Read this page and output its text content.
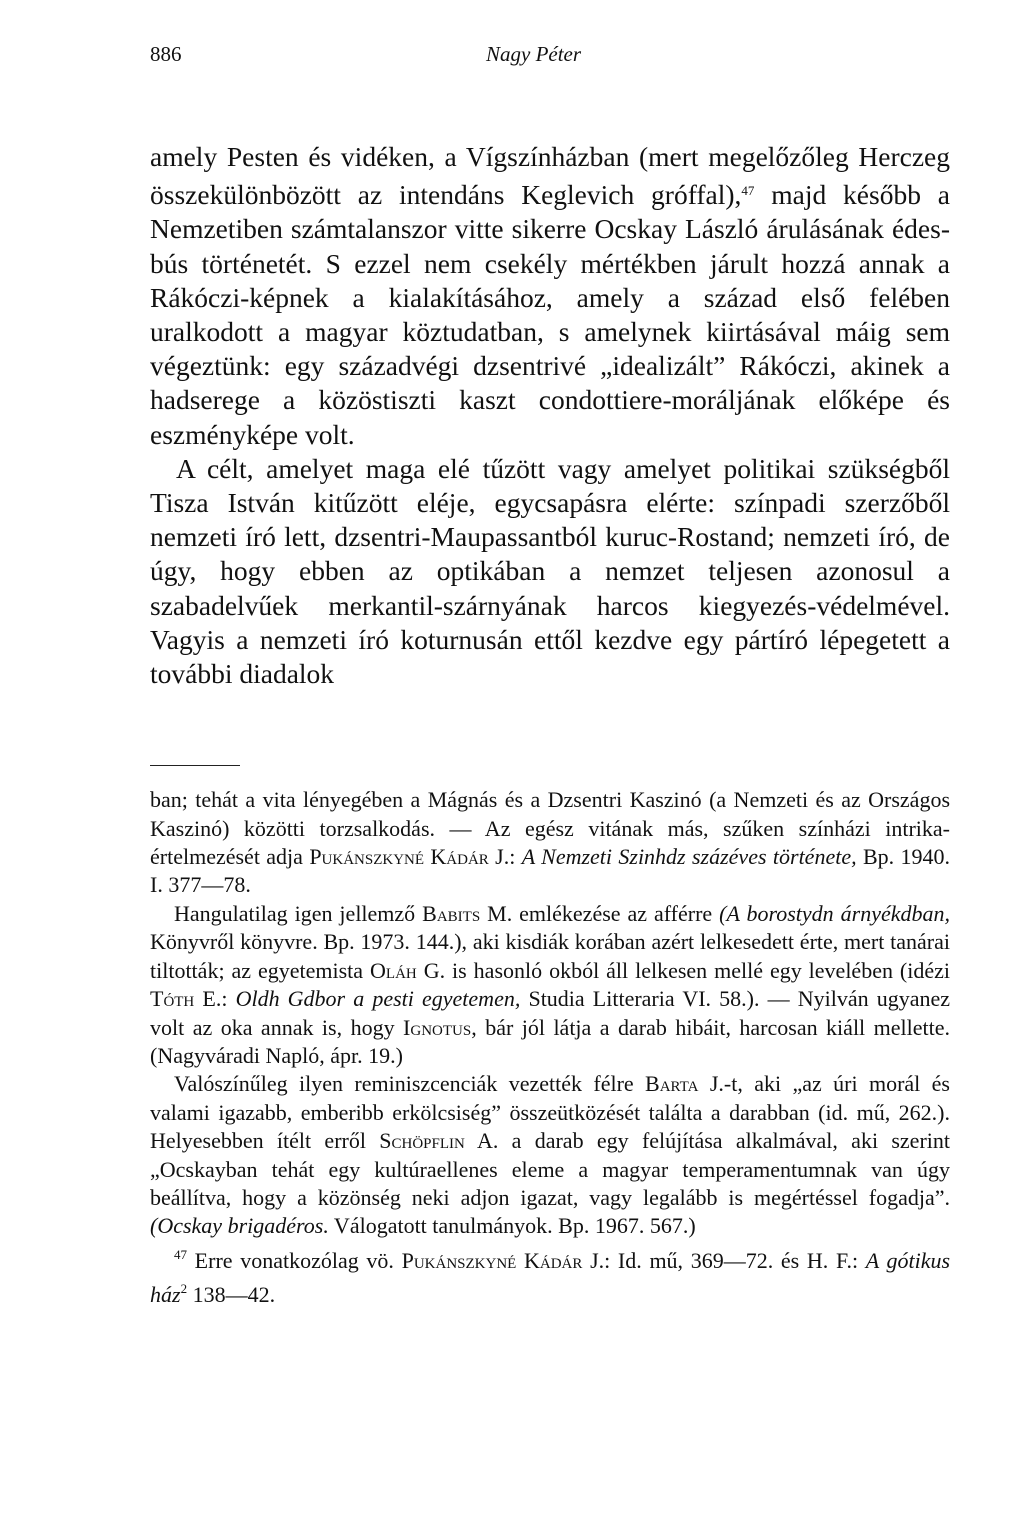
886	Nagy Péter

amely Pesten és vidéken, a Vígszínházban (mert megelőzőleg Herczeg összekülönbözött az intendáns Keglevich gróffal),$^{47}$ majd később a Nemzetiben számtalanszor vitte sikerre Ocskay László árulásának édes-bús történetét. S ezzel nem csekély mértékben járult hozzá annak a Rákóczi-képnek a kialakításához, amely a század első felében uralkodott a magyar köztudatban, s amelynek kiirtásával máig sem végeztünk: egy századvégi dzsentrivé „idealizált” Rákóczi, akinek a hadserege a közöstiszti kaszt condottiere-moráljának előképe és eszményképe volt.

A célt, amelyet maga elé tűzött vagy amelyet politikai szükségből Tisza István kitűzött eléje, egycsapásra elérte: színpadi szerzőből nemzeti író lett, dzsentri-Maupassantból kuruc-Rostand; nemzeti író, de úgy, hogy ebben az optikában a nemzet teljesen azonosul a szabadelvűek merkantil-szárnyának harcos kiegyezés-védelmével. Vagyis a nemzeti író koturnusán ettől kezdve egy pártíró lépegetett a további diadalok

ban; tehát a vita lényegében a Mágnás és a Dzsentri Kaszinó (a Nemzeti és az Országos Kaszinó) közötti torzsalkodás. — Az egész vitának más, szűken színházi intrika-értelmezését adja Pukánszkyné Kádár J.: A Nemzeti Szinhdz százéves története, Bp. 1940. I. 377—78.

Hangulatilag igen jellemző Babits M. emlékezése az afférre (A borostydn árnyékdban, Könyvről könyvre. Bp. 1973. 144.), aki kisdiák korában azért lelkesedett érte, mert tanárai tiltották; az egyetemista Oláh G. is hasonló okból áll lelkesen mellé egy levelében (idézi Tóth E.: Oldh Gdbor a pesti egyetemen, Studia Litteraria VI. 58.). — Nyilván ugyanez volt az oka annak is, hogy Ignotus, bár jól látja a darab hibáit, harcosan kiáll mellette. (Nagyváradi Napló, ápr. 19.)

Valószínűleg ilyen reminiszcenciák vezették félre Barta J.-t, aki „az úri morál és valami igazabb, emberibb erkölcsiség” összeütközését találta a darabban (id. mű, 262.). Helyesebben ítélt erről Schöpflin A. a darab egy felújítása alkalmával, aki szerint „Ocskayban tehát egy kultúraellenes eleme a magyar temperamentumnak van úgy beállítva, hogy a közönség neki adjon igazat, vagy legalább is megértéssel fogadja”. (Ocskay brigadéros. Válogatott tanulmányok. Bp. 1967. 567.)

$^{47}$ Erre vonatkozólag vö. Pukánszkyné Kádár J.: Id. mű, 369—72. és H. F.: A gótikus ház$^2$ 138—42.
